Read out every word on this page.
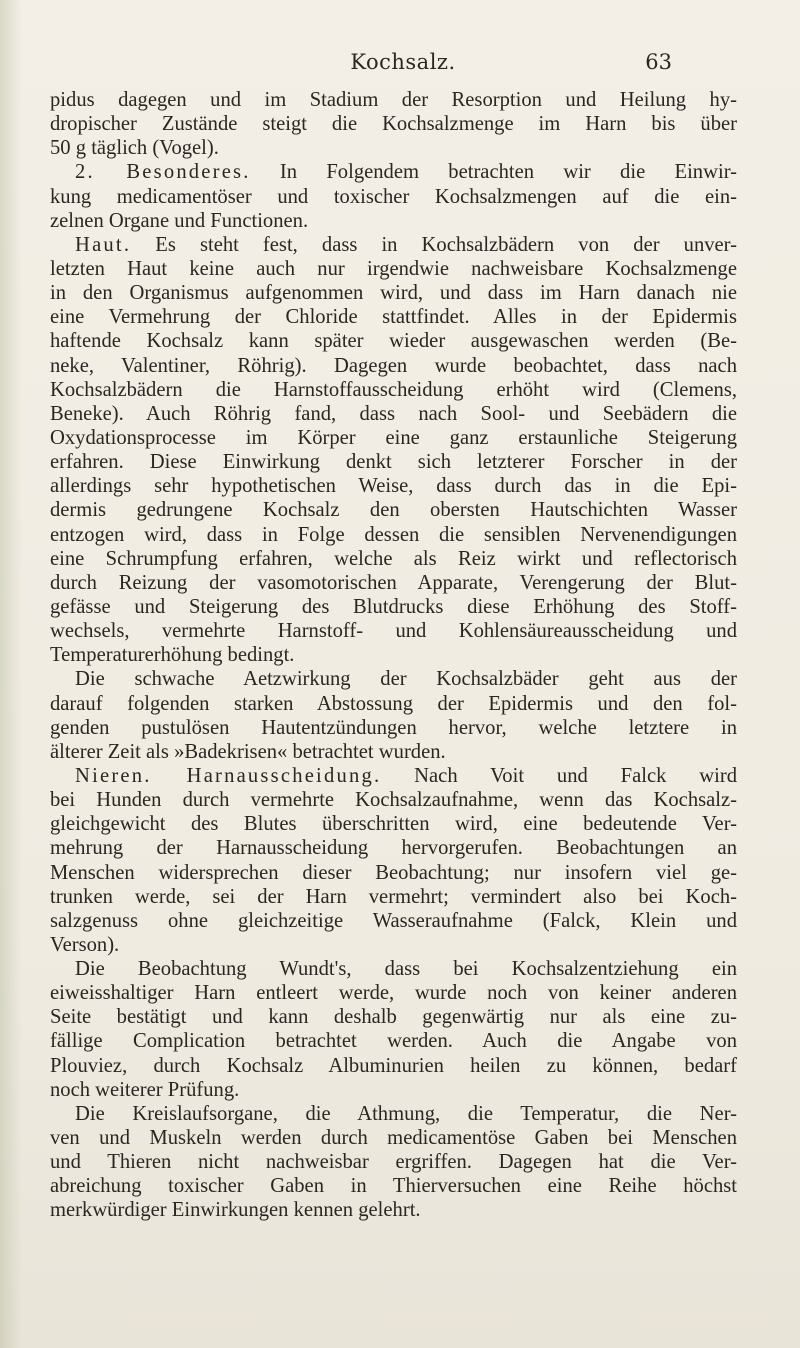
Kochsalz.	63
pidus dagegen und im Stadium der Resorption und Heilung hy-
dropischer Zustände steigt die Kochsalzmenge im Harn bis über
50 g täglich (Vogel).
2. Besonderes. In Folgendem betrachten wir die Einwir-
kung medicamentöser und toxischer Kochsalzmengen auf die ein-
zelnen Organe und Functionen.
Haut. Es steht fest, dass in Kochsalzbädern von der unver-
letzten Haut keine auch nur irgendwie nachweisbare Kochsalzmenge
in den Organismus aufgenommen wird, und dass im Harn danach nie
eine Vermehrung der Chloride stattfindet. Alles in der Epidermis
haftende Kochsalz kann später wieder ausgewaschen werden (Be-
neke, Valentiner, Röhrig). Dagegen wurde beobachtet, dass nach
Kochsalzbädern die Harnstoffausscheidung erhöht wird (Clemens,
Beneke). Auch Röhrig fand, dass nach Sool- und Seebädern die
Oxydationsprocesse im Körper eine ganz erstaunliche Steigerung
erfahren. Diese Einwirkung denkt sich letzterer Forscher in der
allerdings sehr hypothetischen Weise, dass durch das in die Epi-
dermis gedrungene Kochsalz den obersten Hautschichten Wasser
entzogen wird, dass in Folge dessen die sensiblen Nervenendigungen
eine Schrumpfung erfahren, welche als Reiz wirkt und reflectorisch
durch Reizung der vasomotorischen Apparate, Verengerung der Blut-
gefässe und Steigerung des Blutdrucks diese Erhöhung des Stoff-
wechsels, vermehrte Harnstoff- und Kohlensäureausscheidung und
Temperaturerhöhung bedingt.
Die schwache Aetzwirkung der Kochsalzbäder geht aus der
darauf folgenden starken Abstossung der Epidermis und den fol-
genden pustulösen Hautentzündungen hervor, welche letztere in
älterer Zeit als »Badekrisen« betrachtet wurden.
Nieren. Harnausscheidung. Nach Voit und Falck wird
bei Hunden durch vermehrte Kochsalzaufnahme, wenn das Kochsalz-
gleichgewicht des Blutes überschritten wird, eine bedeutende Ver-
mehrung der Harnausscheidung hervorgerufen. Beobachtungen an
Menschen widersprechen dieser Beobachtung; nur insofern viel ge-
trunken werde, sei der Harn vermehrt; vermindert also bei Koch-
salzgenuss ohne gleichzeitige Wasseraufnahme (Falck, Klein und
Verson).
Die Beobachtung Wundt's, dass bei Kochsalzentziehung ein
eiweisshaltiger Harn entleert werde, wurde noch von keiner anderen
Seite bestätigt und kann deshalb gegenwärtig nur als eine zu-
fällige Complication betrachtet werden. Auch die Angabe von
Plouviez, durch Kochsalz Albuminurien heilen zu können, bedarf
noch weiterer Prüfung.
Die Kreislaufsorgane, die Athmung, die Temperatur, die Ner-
ven und Muskeln werden durch medicamentöse Gaben bei Menschen
und Thieren nicht nachweisbar ergriffen. Dagegen hat die Ver-
abreichung toxischer Gaben in Thierversuchen eine Reihe höchst
merkwürdiger Einwirkungen kennen gelehrt.
